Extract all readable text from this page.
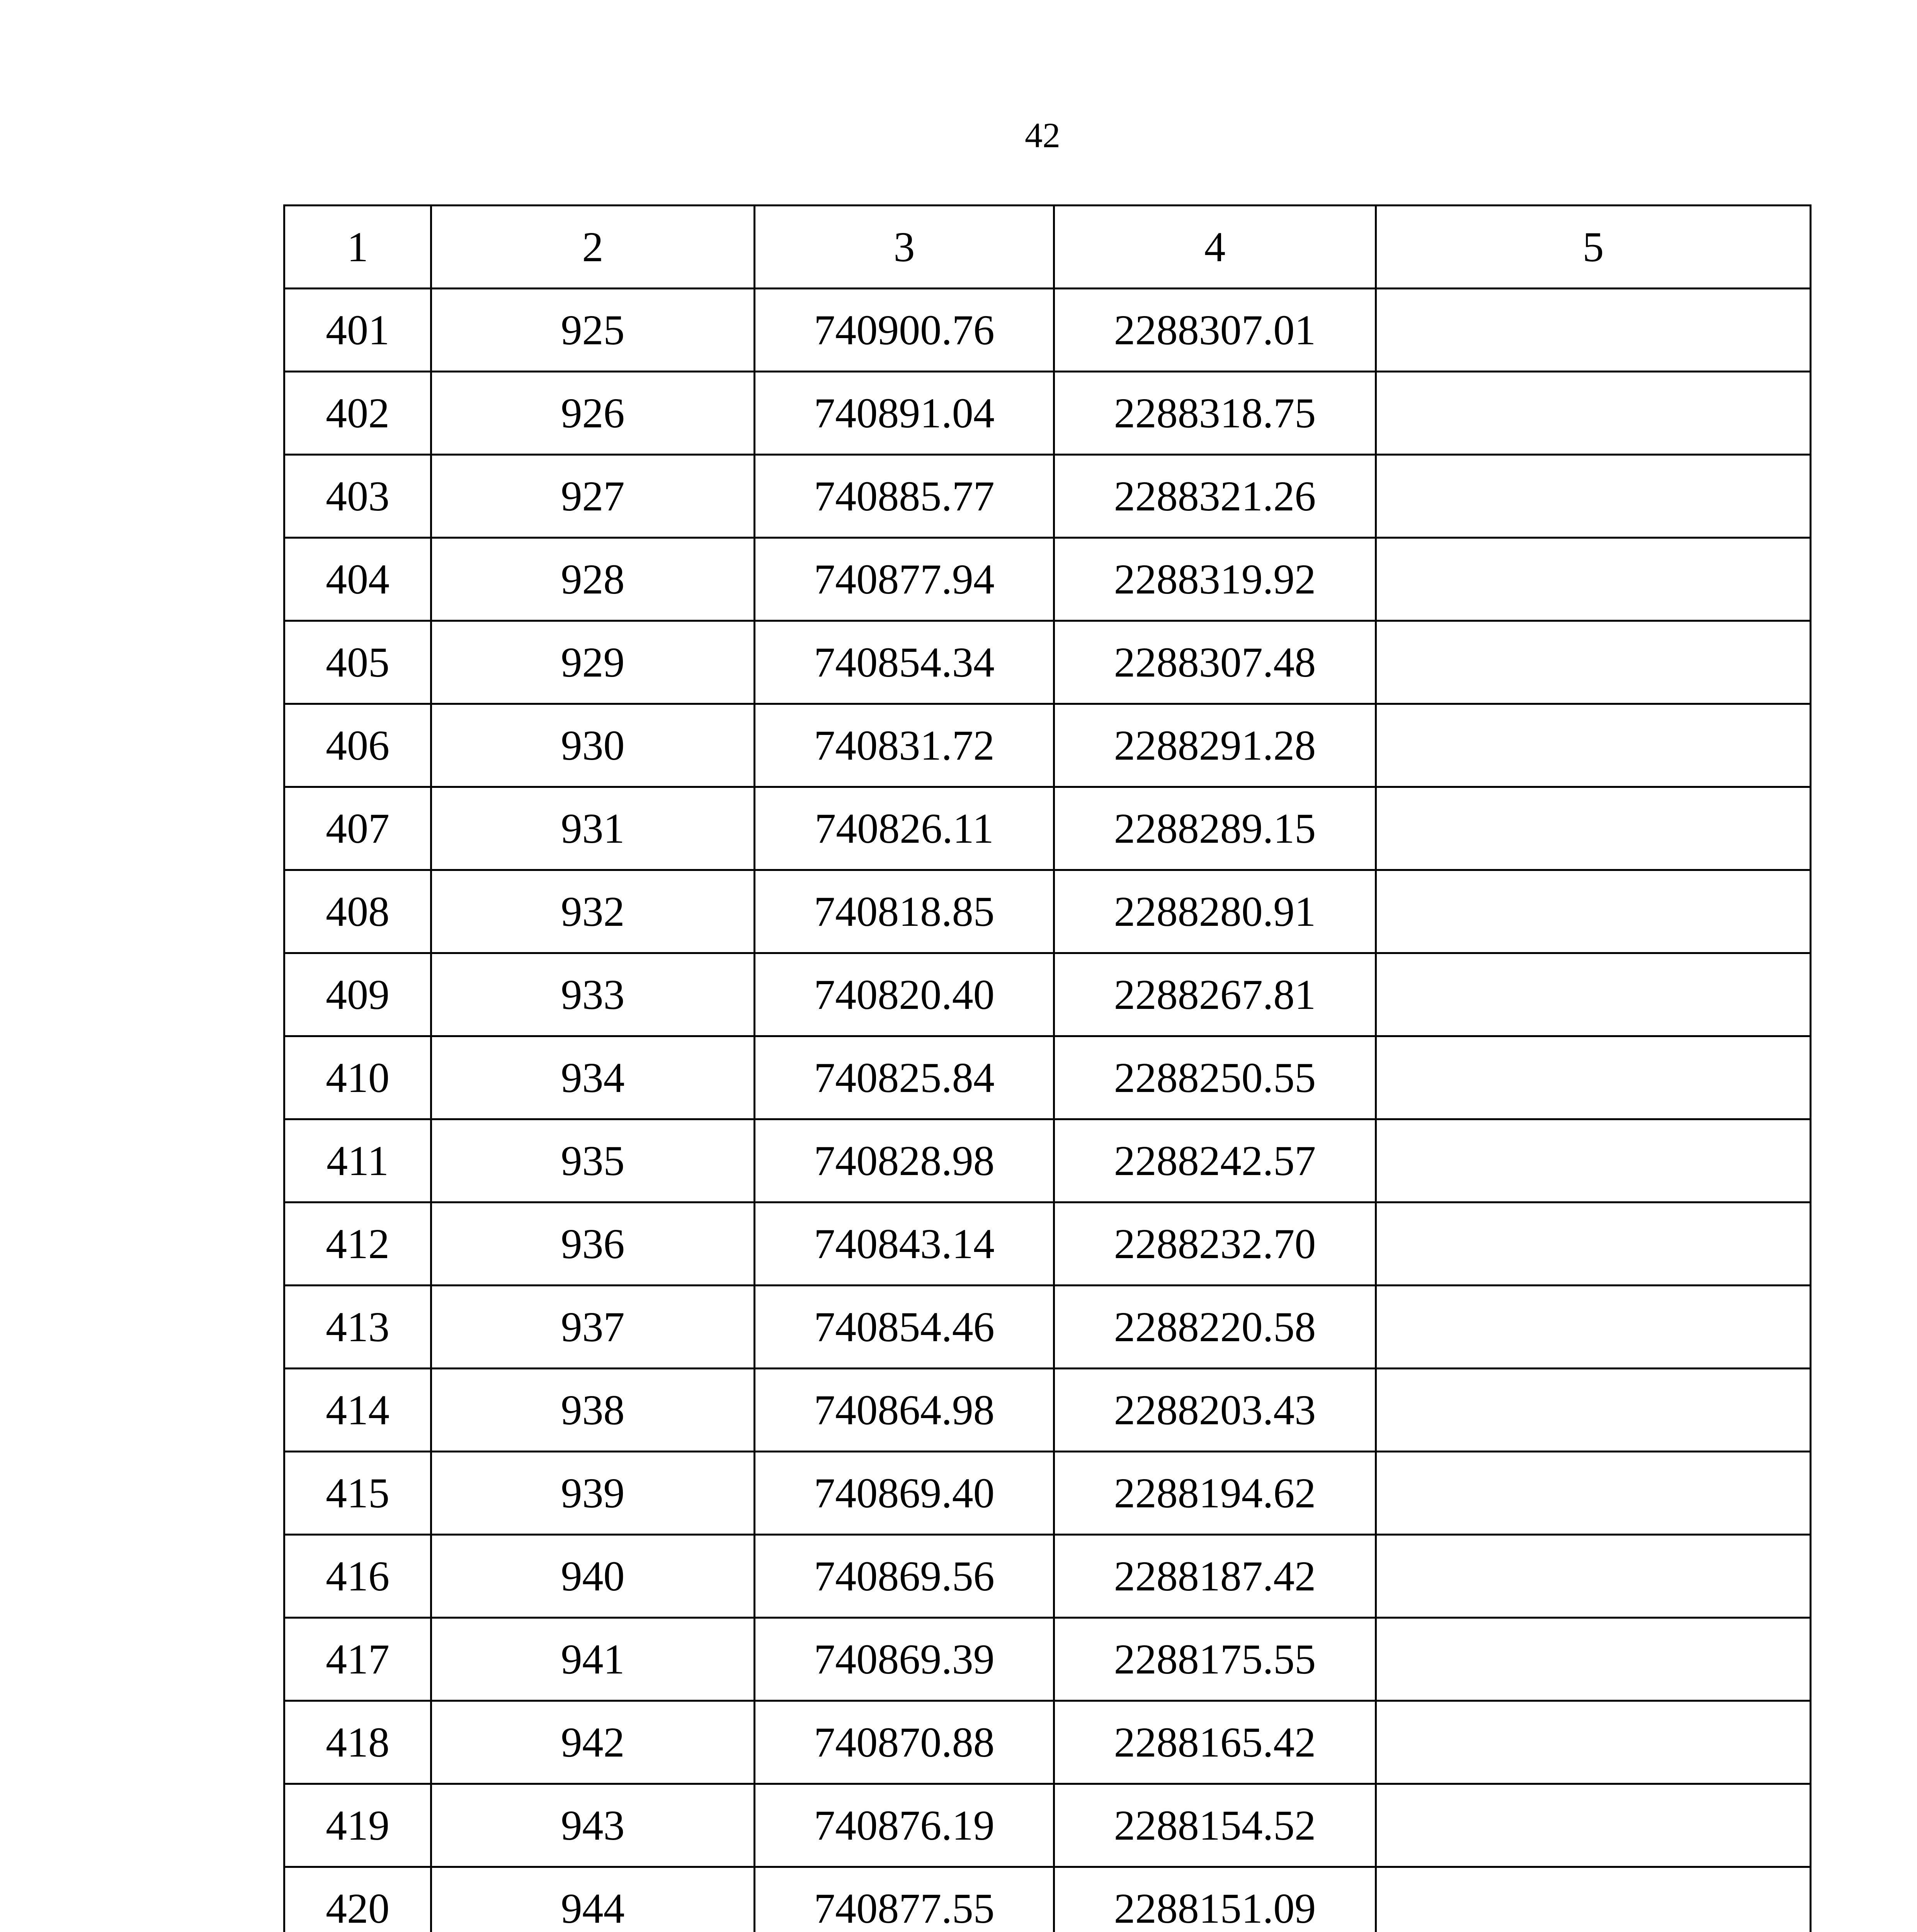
42
1	2	3	4	5
401	925	740900.76	2288307.01	
402	926	740891.04	2288318.75	
403	927	740885.77	2288321.26	
404	928	740877.94	2288319.92	
405	929	740854.34	2288307.48	
406	930	740831.72	2288291.28	
407	931	740826.11	2288289.15	
408	932	740818.85	2288280.91	
409	933	740820.40	2288267.81	
410	934	740825.84	2288250.55	
411	935	740828.98	2288242.57	
412	936	740843.14	2288232.70	
413	937	740854.46	2288220.58	
414	938	740864.98	2288203.43	
415	939	740869.40	2288194.62	
416	940	740869.56	2288187.42	
417	941	740869.39	2288175.55	
418	942	740870.88	2288165.42	
419	943	740876.19	2288154.52	
420	944	740877.55	2288151.09	
